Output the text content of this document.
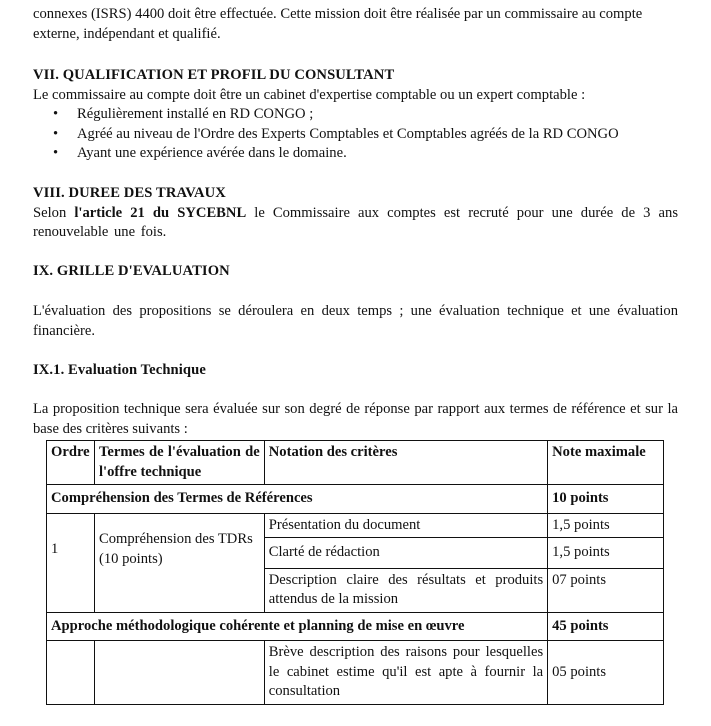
connexes (ISRS) 4400 doit être effectuée. Cette mission doit être réalisée par un commissaire au compte
externe, indépendant et qualifié.
VII. QUALIFICATION ET PROFIL DU CONSULTANT

Le commissaire au compte doit être un cabinet d'expertise comptable ou un expert comptable :

• Régulièrement installé en RD CONGO ;
• Agréé au niveau de l'Ordre des Experts Comptables et Comptables agréés de la RD CONGO
• Ayant une expérience avérée dans le domaine.
VIII. DUREE DES TRAVAUX

Selon l'article 21 du SYCEBNL le Commissaire aux comptes est recruté pour une durée de 3 ans renouvelable une fois.

IX. GRILLE D'EVALUATION

L'évaluation des propositions se déroulera en deux temps ; une évaluation technique et une évaluation financière.

IX.1. Evaluation Technique

La proposition technique sera évaluée sur son degré de réponse par rapport aux termes de référence et sur la base des critères suivants :

Ordre	Termes de l'évaluation de l'offre technique	Notation des critères	Note maximale
Compréhension des Termes de Références			10 points
1	Compréhension des TDRs (10 points)	Présentation du document	1,5 points
		Clarté de rédaction	1,5 points
		Description claire des résultats et produits attendus de la mission	07 points
Approche méthodologique cohérente et planning de mise en œuvre			45 points
		Brève description des raisons pour lesquelles le cabinet estime qu'il est apte à fournir la consultation	05 points
